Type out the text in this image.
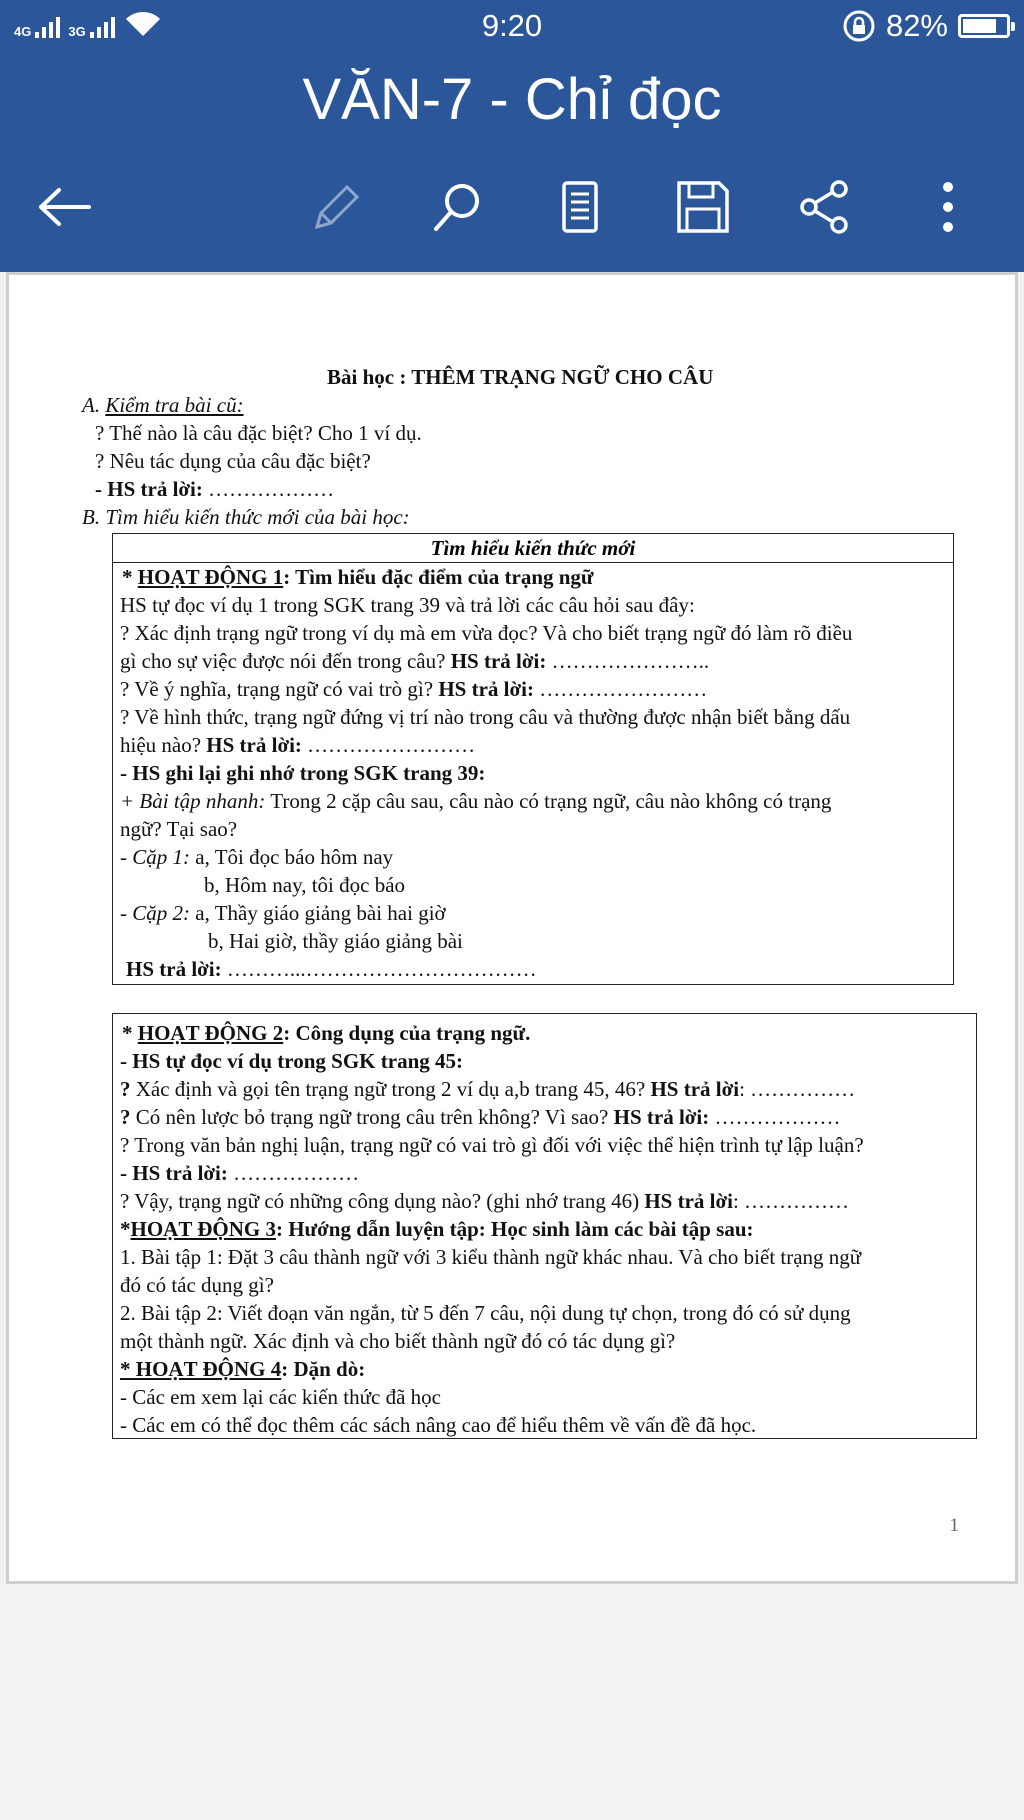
4G	3G	9:20	82%
VĂN-7 - Chỉ đọc
Bài học : THÊM TRẠNG NGỮ CHO CÂU
A. Kiểm tra bài cũ:
? Thế nào là câu đặc biệt? Cho 1 ví dụ.
? Nêu tác dụng của câu đặc biệt?
- HS trả lời: ………………
B. Tìm hiểu kiến thức mới của bài học:
Tìm hiểu kiến thức mới
* HOẠT ĐỘNG 1: Tìm hiểu đặc điểm của trạng ngữ
HS tự đọc ví dụ 1 trong SGK trang 39 và trả lời các câu hỏi sau đây:
? Xác định trạng ngữ trong ví dụ mà em vừa đọc? Và cho biết trạng ngữ đó làm rõ điều
gì cho sự việc được nói đến trong câu? HS trả lời: …………………..
? Về ý nghĩa, trạng ngữ có vai trò gì? HS trả lời: ……………………
? Về hình thức, trạng ngữ đứng vị trí nào trong câu và thường được nhận biết bằng dấu
hiệu nào? HS trả lời: ……………………
- HS ghi lại ghi nhớ trong SGK trang 39:
+ Bài tập nhanh: Trong 2 cặp câu sau, câu nào có trạng ngữ, câu nào không có trạng
ngữ? Tại sao?
- Cặp 1: a, Tôi đọc báo hôm nay
b, Hôm nay, tôi đọc báo
- Cặp 2: a, Thầy giáo giảng bài hai giờ
b, Hai giờ, thầy giáo giảng bài
HS trả lời: ………...……………………………
* HOẠT ĐỘNG 2: Công dụng của trạng ngữ.
- HS tự đọc ví dụ trong SGK trang 45:
? Xác định và gọi tên trạng ngữ trong 2 ví dụ a,b trang 45, 46? HS trả lời: ……………
? Có nên lược bỏ trạng ngữ trong câu trên không? Vì sao? HS trả lời: ………………
? Trong văn bản nghị luận, trạng ngữ có vai trò gì đối với việc thể hiện trình tự lập luận?
- HS trả lời: ………………
? Vậy, trạng ngữ có những công dụng nào? (ghi nhớ trang 46) HS trả lời: ……………
*HOẠT ĐỘNG 3: Hướng dẫn luyện tập: Học sinh làm các bài tập sau:
1. Bài tập 1: Đặt 3 câu thành ngữ với 3 kiểu thành ngữ khác nhau. Và cho biết trạng ngữ
đó có tác dụng gì?
2. Bài tập 2: Viết đoạn văn ngắn, từ 5 đến 7 câu, nội dung tự chọn, trong đó có sử dụng
một thành ngữ. Xác định và cho biết thành ngữ đó có tác dụng gì?
* HOẠT ĐỘNG 4: Dặn dò:
- Các em xem lại các kiến thức đã học
- Các em có thể đọc thêm các sách nâng cao để hiểu thêm về vấn đề đã học.
1
